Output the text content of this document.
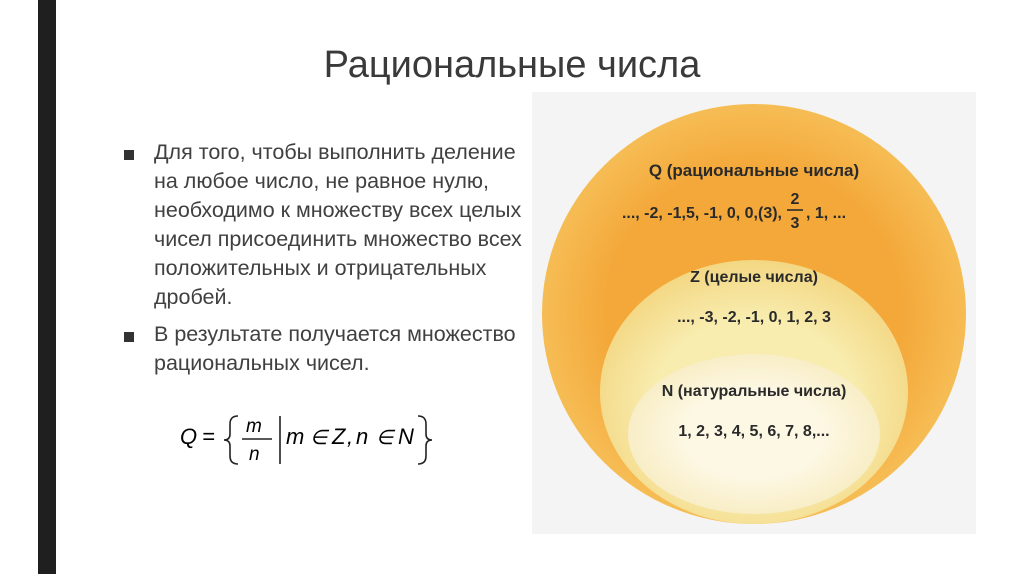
Рациональные числа
Для того, чтобы выполнить деление на любое число, не равное нулю, необходимо к множеству всех целых чисел присоединить множество всех положительных и отрицательных дробей.
В результате получается множество рациональных чисел.
Q = m
n
m ∈ Z , n ∈ N
Q (рациональные числа)
..., -2, -1,5, -1, 0, 0,(3),
2
3
, 1, ...
Z (целые числа)
..., -3, -2, -1, 0, 1, 2, 3
N (натуральные числа)
1, 2, 3, 4, 5, 6, 7, 8,...
